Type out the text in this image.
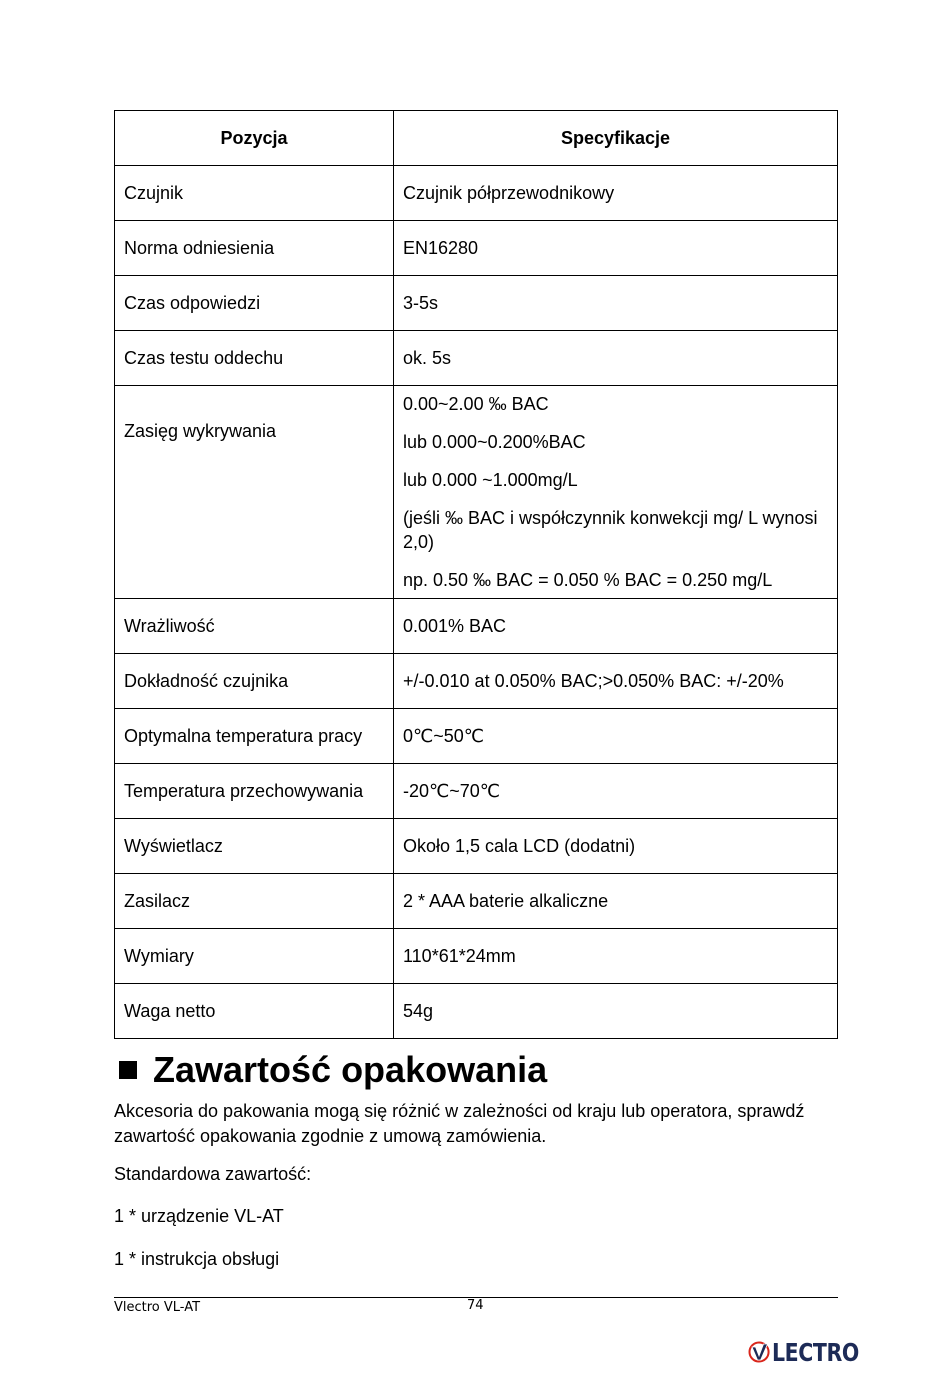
Pozycja	Specyfikacje
Czujnik	Czujnik półprzewodnikowy
Norma odniesienia	EN16280
Czas odpowiedzi	3-5s
Czas testu oddechu	ok. 5s
Zasięg wykrywania	0.00~2.00 ‰ BAC

lub 0.000~0.200%BAC

lub 0.000 ~1.000mg/L

(jeśli ‰ BAC i współczynnik konwekcji mg/ L wynosi 2,0)

np. 0.50 ‰ BAC = 0.050 % BAC = 0.250 mg/L

Wrażliwość	0.001% BAC
Dokładność czujnika	+/-0.010 at 0.050% BAC;>0.050% BAC: +/-20%
Optymalna temperatura pracy	0℃~50℃
Temperatura przechowywania	-20℃~70℃
Wyświetlacz	Około 1,5 cala LCD (dodatni)
Zasilacz	2 * AAA baterie alkaliczne
Wymiary	110*61*24mm
Waga netto	54g
Zawartość opakowania

Akcesoria do pakowania mogą się różnić w zależności od kraju lub operatora, sprawdź zawartość opakowania zgodnie z umową zamówienia.

Standardowa zawartość:

1 * urządzenie VL-AT

1 * instrukcja obsługi

Vlectro VL-AT	74
LECTRO
